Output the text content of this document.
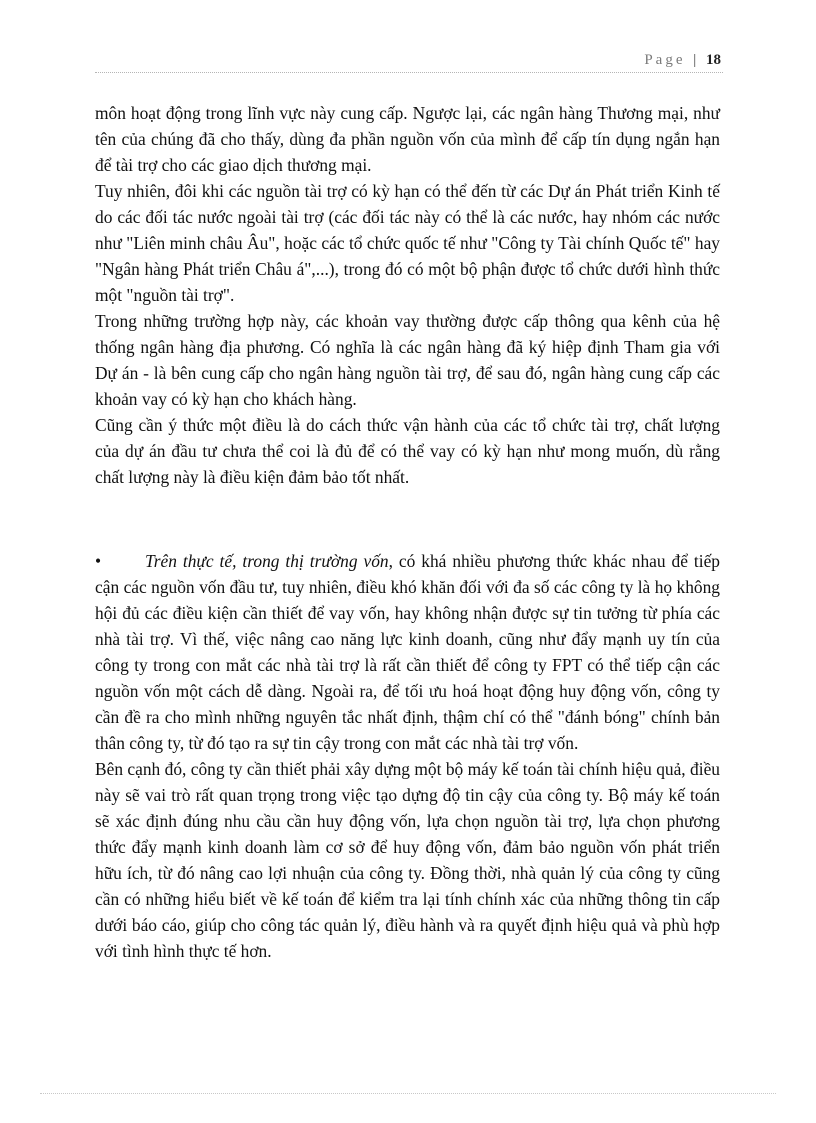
Page | 18

môn hoạt động trong lĩnh vực này cung cấp. Ngược lại, các ngân hàng Thương mại, như tên của chúng đã cho thấy, dùng đa phần nguồn vốn của mình để cấp tín dụng ngắn hạn để tài trợ cho các giao dịch thương mại.

Tuy nhiên, đôi khi các nguồn tài trợ có kỳ hạn có thể đến từ các Dự án Phát triển Kinh tế do các đối tác nước ngoài tài trợ (các đối tác này có thể là các nước, hay nhóm các nước như "Liên minh châu Âu", hoặc các tổ chức quốc tế như "Công ty Tài chính Quốc tế" hay "Ngân hàng Phát triển Châu á",...), trong đó có một bộ phận được tổ chức dưới hình thức một "nguồn tài trợ".

Trong những trường hợp này, các khoản vay thường được cấp thông qua kênh của hệ thống ngân hàng địa phương. Có nghĩa là các ngân hàng đã ký hiệp định Tham gia với Dự án - là bên cung cấp cho ngân hàng nguồn tài trợ, để sau đó, ngân hàng cung cấp các khoản vay có kỳ hạn cho khách hàng.

Cũng cần ý thức một điều là do cách thức vận hành của các tổ chức tài trợ, chất lượng của dự án đầu tư chưa thể coi là đủ để có thể vay có kỳ hạn như mong muốn, dù rằng chất lượng này là điều kiện đảm bảo tốt nhất.

•	Trên thực tế, trong thị trường vốn, có khá nhiều phương thức khác nhau để tiếp cận các nguồn vốn đầu tư, tuy nhiên, điều khó khăn đối với đa số các công ty là họ không hội đủ các điều kiện cần thiết để vay vốn, hay không nhận được sự tin tưởng từ phía các nhà tài trợ. Vì thế, việc nâng cao năng lực kinh doanh, cũng như đẩy mạnh uy tín của công ty trong con mắt các nhà tài trợ là rất cần thiết để công ty FPT có thể tiếp cận các nguồn vốn một cách dễ dàng. Ngoài ra, để tối ưu hoá hoạt động huy động vốn, công ty cần đề ra cho mình những nguyên tắc nhất định, thậm chí có thể "đánh bóng" chính bản thân công ty, từ đó tạo ra sự tin cậy trong con mắt các nhà tài trợ vốn.

Bên cạnh đó, công ty cần thiết phải xây dựng một bộ máy kế toán tài chính hiệu quả, điều này sẽ vai trò rất quan trọng trong việc tạo dựng độ tin cậy của công ty. Bộ máy kế toán sẽ xác định đúng nhu cầu cần huy động vốn, lựa chọn nguồn tài trợ, lựa chọn phương thức đẩy mạnh kinh doanh làm cơ sở để huy động vốn, đảm bảo nguồn vốn phát triển hữu ích, từ đó nâng cao lợi nhuận của công ty. Đồng thời, nhà quản lý của công ty cũng cần có những hiểu biết về kế toán để kiểm tra lại tính chính xác của những thông tin cấp dưới báo cáo, giúp cho công tác quản lý, điều hành và ra quyết định hiệu quả và phù hợp với tình hình thực tế hơn.
